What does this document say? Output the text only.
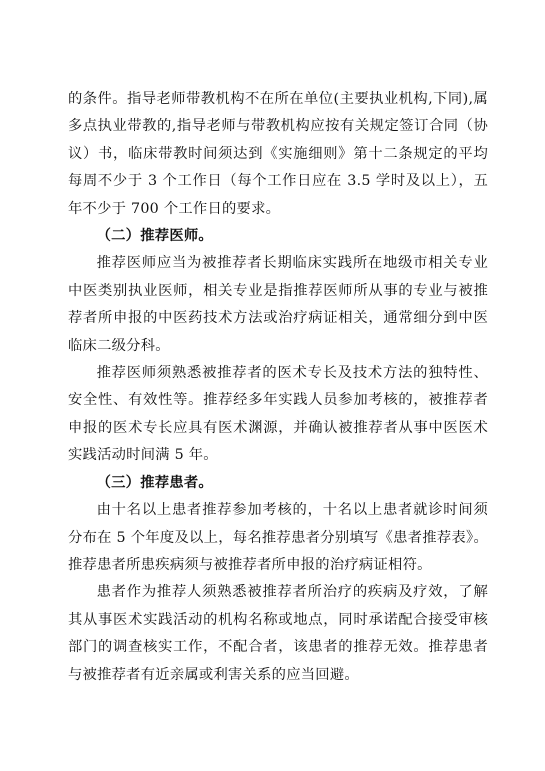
的条件。指导老师带教机构不在所在单位(主要执业机构,下同),属多点执业带教的,指导老师与带教机构应按有关规定签订合同（协议）书，临床带教时间须达到《实施细则》第十二条规定的平均每周不少于 3 个工作日（每个工作日应在 3.5 学时及以上），五年不少于 700 个工作日的要求。

（二）推荐医师。

推荐医师应当为被推荐者长期临床实践所在地级市相关专业中医类别执业医师，相关专业是指推荐医师所从事的专业与被推荐者所申报的中医药技术方法或治疗病证相关，通常细分到中医临床二级分科。

推荐医师须熟悉被推荐者的医术专长及技术方法的独特性、安全性、有效性等。推荐经多年实践人员参加考核的，被推荐者申报的医术专长应具有医术渊源，并确认被推荐者从事中医医术实践活动时间满 5 年。

（三）推荐患者。

由十名以上患者推荐参加考核的，十名以上患者就诊时间须分布在 5 个年度及以上，每名推荐患者分别填写《患者推荐表》。推荐患者所患疾病须与被推荐者所申报的治疗病证相符。

患者作为推荐人须熟悉被推荐者所治疗的疾病及疗效，了解其从事医术实践活动的机构名称或地点，同时承诺配合接受审核部门的调查核实工作，不配合者，该患者的推荐无效。推荐患者与被推荐者有近亲属或利害关系的应当回避。
